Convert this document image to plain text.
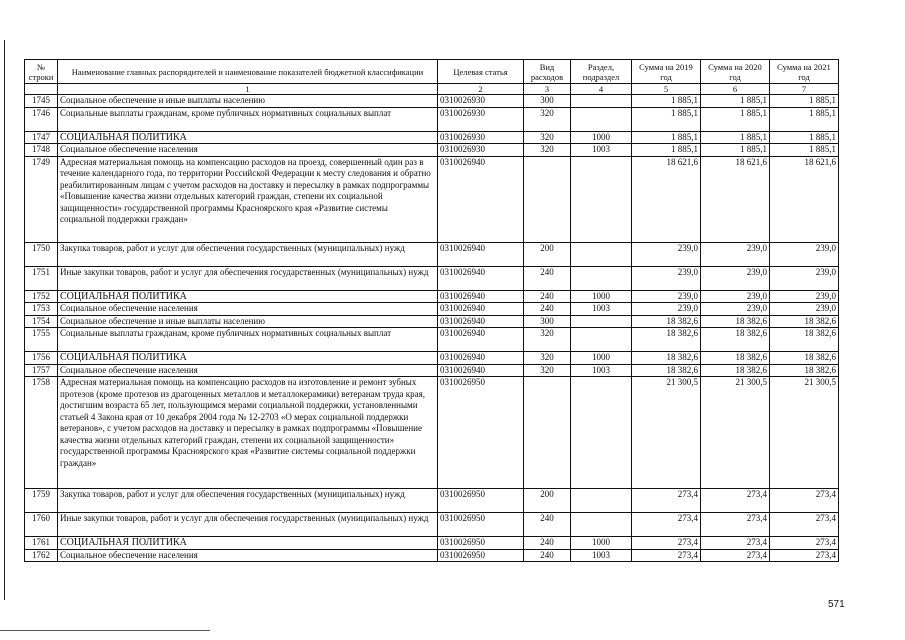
№ строки	Наименование главных распорядителей и наименование показателей бюджетной классификации	Целевая статья	Вид расходов	Раздел, подраздел	Сумма на 2019 год	Сумма на 2020 год	Сумма на 2021 год
	1	2	3	4	5	6	7
1745	Социальное обеспечение и иные выплаты населению	0310026930	300		1 885,1	1 885,1	1 885,1
1746	Социальные выплаты гражданам, кроме публичных нормативных социальных выплат	0310026930	320		1 885,1	1 885,1	1 885,1
1747	СОЦИАЛЬНАЯ ПОЛИТИКА	0310026930	320	1000	1 885,1	1 885,1	1 885,1
1748	Социальное обеспечение населения	0310026930	320	1003	1 885,1	1 885,1	1 885,1
1749	Адресная материальная помощь на компенсацию расходов на проезд, совершенный один раз в течение календарного года, по территории Российской Федерации к месту следования и обратно реабилитированным лицам с учетом расходов на доставку и пересылку в рамках подпрограммы «Повышение качества жизни отдельных категорий граждан, степени их социальной защищенности» государственной программы Красноярского края «Развитие системы социальной поддержки граждан»	0310026940			18 621,6	18 621,6	18 621,6
1750	Закупка товаров, работ и услуг для обеспечения государственных (муниципальных) нужд	0310026940	200		239,0	239,0	239,0
1751	Иные закупки товаров, работ и услуг для обеспечения государственных (муниципальных) нужд	0310026940	240		239,0	239,0	239,0
1752	СОЦИАЛЬНАЯ ПОЛИТИКА	0310026940	240	1000	239,0	239,0	239,0
1753	Социальное обеспечение населения	0310026940	240	1003	239,0	239,0	239,0
1754	Социальное обеспечение и иные выплаты населению	0310026940	300		18 382,6	18 382,6	18 382,6
1755	Социальные выплаты гражданам, кроме публичных нормативных социальных выплат	0310026940	320		18 382,6	18 382,6	18 382,6
1756	СОЦИАЛЬНАЯ ПОЛИТИКА	0310026940	320	1000	18 382,6	18 382,6	18 382,6
1757	Социальное обеспечение населения	0310026940	320	1003	18 382,6	18 382,6	18 382,6
1758	Адресная материальная помощь на компенсацию расходов на изготовление и ремонт зубных протезов (кроме протезов из драгоценных металлов и металлокерамики) ветеранам труда края, достигшим возраста 65 лет, пользующимся мерами социальной поддержки, установленными статьей 4 Закона края от 10 декабря 2004 года № 12-2703 «О мерах социальной поддержки ветеранов», с учетом расходов на доставку и пересылку в рамках подпрограммы «Повышение качества жизни отдельных категорий граждан, степени их социальной защищенности» государственной программы Красноярского края «Развитие системы социальной поддержки граждан»	0310026950			21 300,5	21 300,5	21 300,5
1759	Закупка товаров, работ и услуг для обеспечения государственных (муниципальных) нужд	0310026950	200		273,4	273,4	273,4
1760	Иные закупки товаров, работ и услуг для обеспечения государственных (муниципальных) нужд	0310026950	240		273,4	273,4	273,4
1761	СОЦИАЛЬНАЯ ПОЛИТИКА	0310026950	240	1000	273,4	273,4	273,4
1762	Социальное обеспечение населения	0310026950	240	1003	273,4	273,4	273,4
571
